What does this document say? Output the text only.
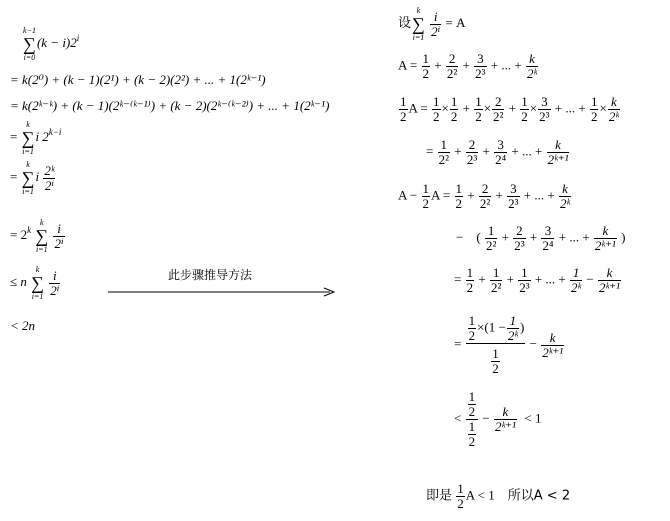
k−1
∑
i=0
$(k - i)2^i$
= k(2⁰) + (k − 1)(2¹) + (k − 2)(2²) + ... + 1(2ᵏ⁻¹)
= k(2ᵏ⁻ᵏ) + (k − 1)(2ᵏ⁻⁽ᵏ⁻¹⁾) + (k − 2)(2ᵏ⁻⁽ᵏ⁻²⁾) + ... + 1(2ᵏ⁻¹)
=
k
∑
i=1
i $2^{k-i}$
=
k
∑
i=1
i $\frac{\text{2ᵏ}}{\text{2ⁱ}}$
= $2^k$
k
∑
i=1
$\frac{i}{\text{2ⁱ}}$
≤ n
k
∑
i=1
$\frac{i}{\text{2ⁱ}}$
< 2n
此步骤推导方法
设
k
∑
i=1
$\frac{i}{\text{2ⁱ}} = A$
$A = \frac{1}{2} + \frac{2}{\text{2²}} + \frac{3}{\text{2³}}$ + ... + $\frac{k}{\text{2ᵏ}}$
$\frac{1}{2}$ $A = \frac{1}{2} \times \frac{1}{2} + \frac{1}{2} \times \frac{2}{\text{2²}} + \frac{1}{2} \times \frac{3}{\text{2³}}$ + ... + $\frac{1}{2} \times \frac{k}{\text{2ᵏ}}$
= $\frac{1}{\text{2²}} + \frac{2}{\text{2³}} + \frac{3}{\text{2⁴}}$ + ... + $\frac{k}{\text{2ᵏ⁺¹}}$
$A - \frac{1}{2}$ $A = \frac{1}{2} + \frac{2}{\text{2²}} + \frac{3}{\text{2³}}$ + ... + $\frac{k}{\text{2ᵏ}}$
− ( $\frac{1}{\text{2²}} + \frac{2}{\text{2³}} + \frac{3}{\text{2⁴}}$ + ... + $\frac{k}{\text{2ᵏ⁺¹}}$ )
= $\frac{1}{2} + \frac{1}{\text{2²}} + \frac{1}{\text{2³}}$ + ... + $\frac{1}{\text{2ᵏ}} - \frac{k}{\text{2ᵏ⁺¹}}$
= $\frac{\frac{1}{2} \times(1 - \frac{1}{\text{2ᵏ}} )}{\frac{1}{2}} - \frac{k}{\text{2ᵏ⁺¹}}$
< $\frac{\frac{1}{2}}{\frac{1}{2}} - \frac{k}{\text{2ᵏ⁺¹}} < 1$
即是 $\frac{1}{2}$ A < 1 所以A < 2
